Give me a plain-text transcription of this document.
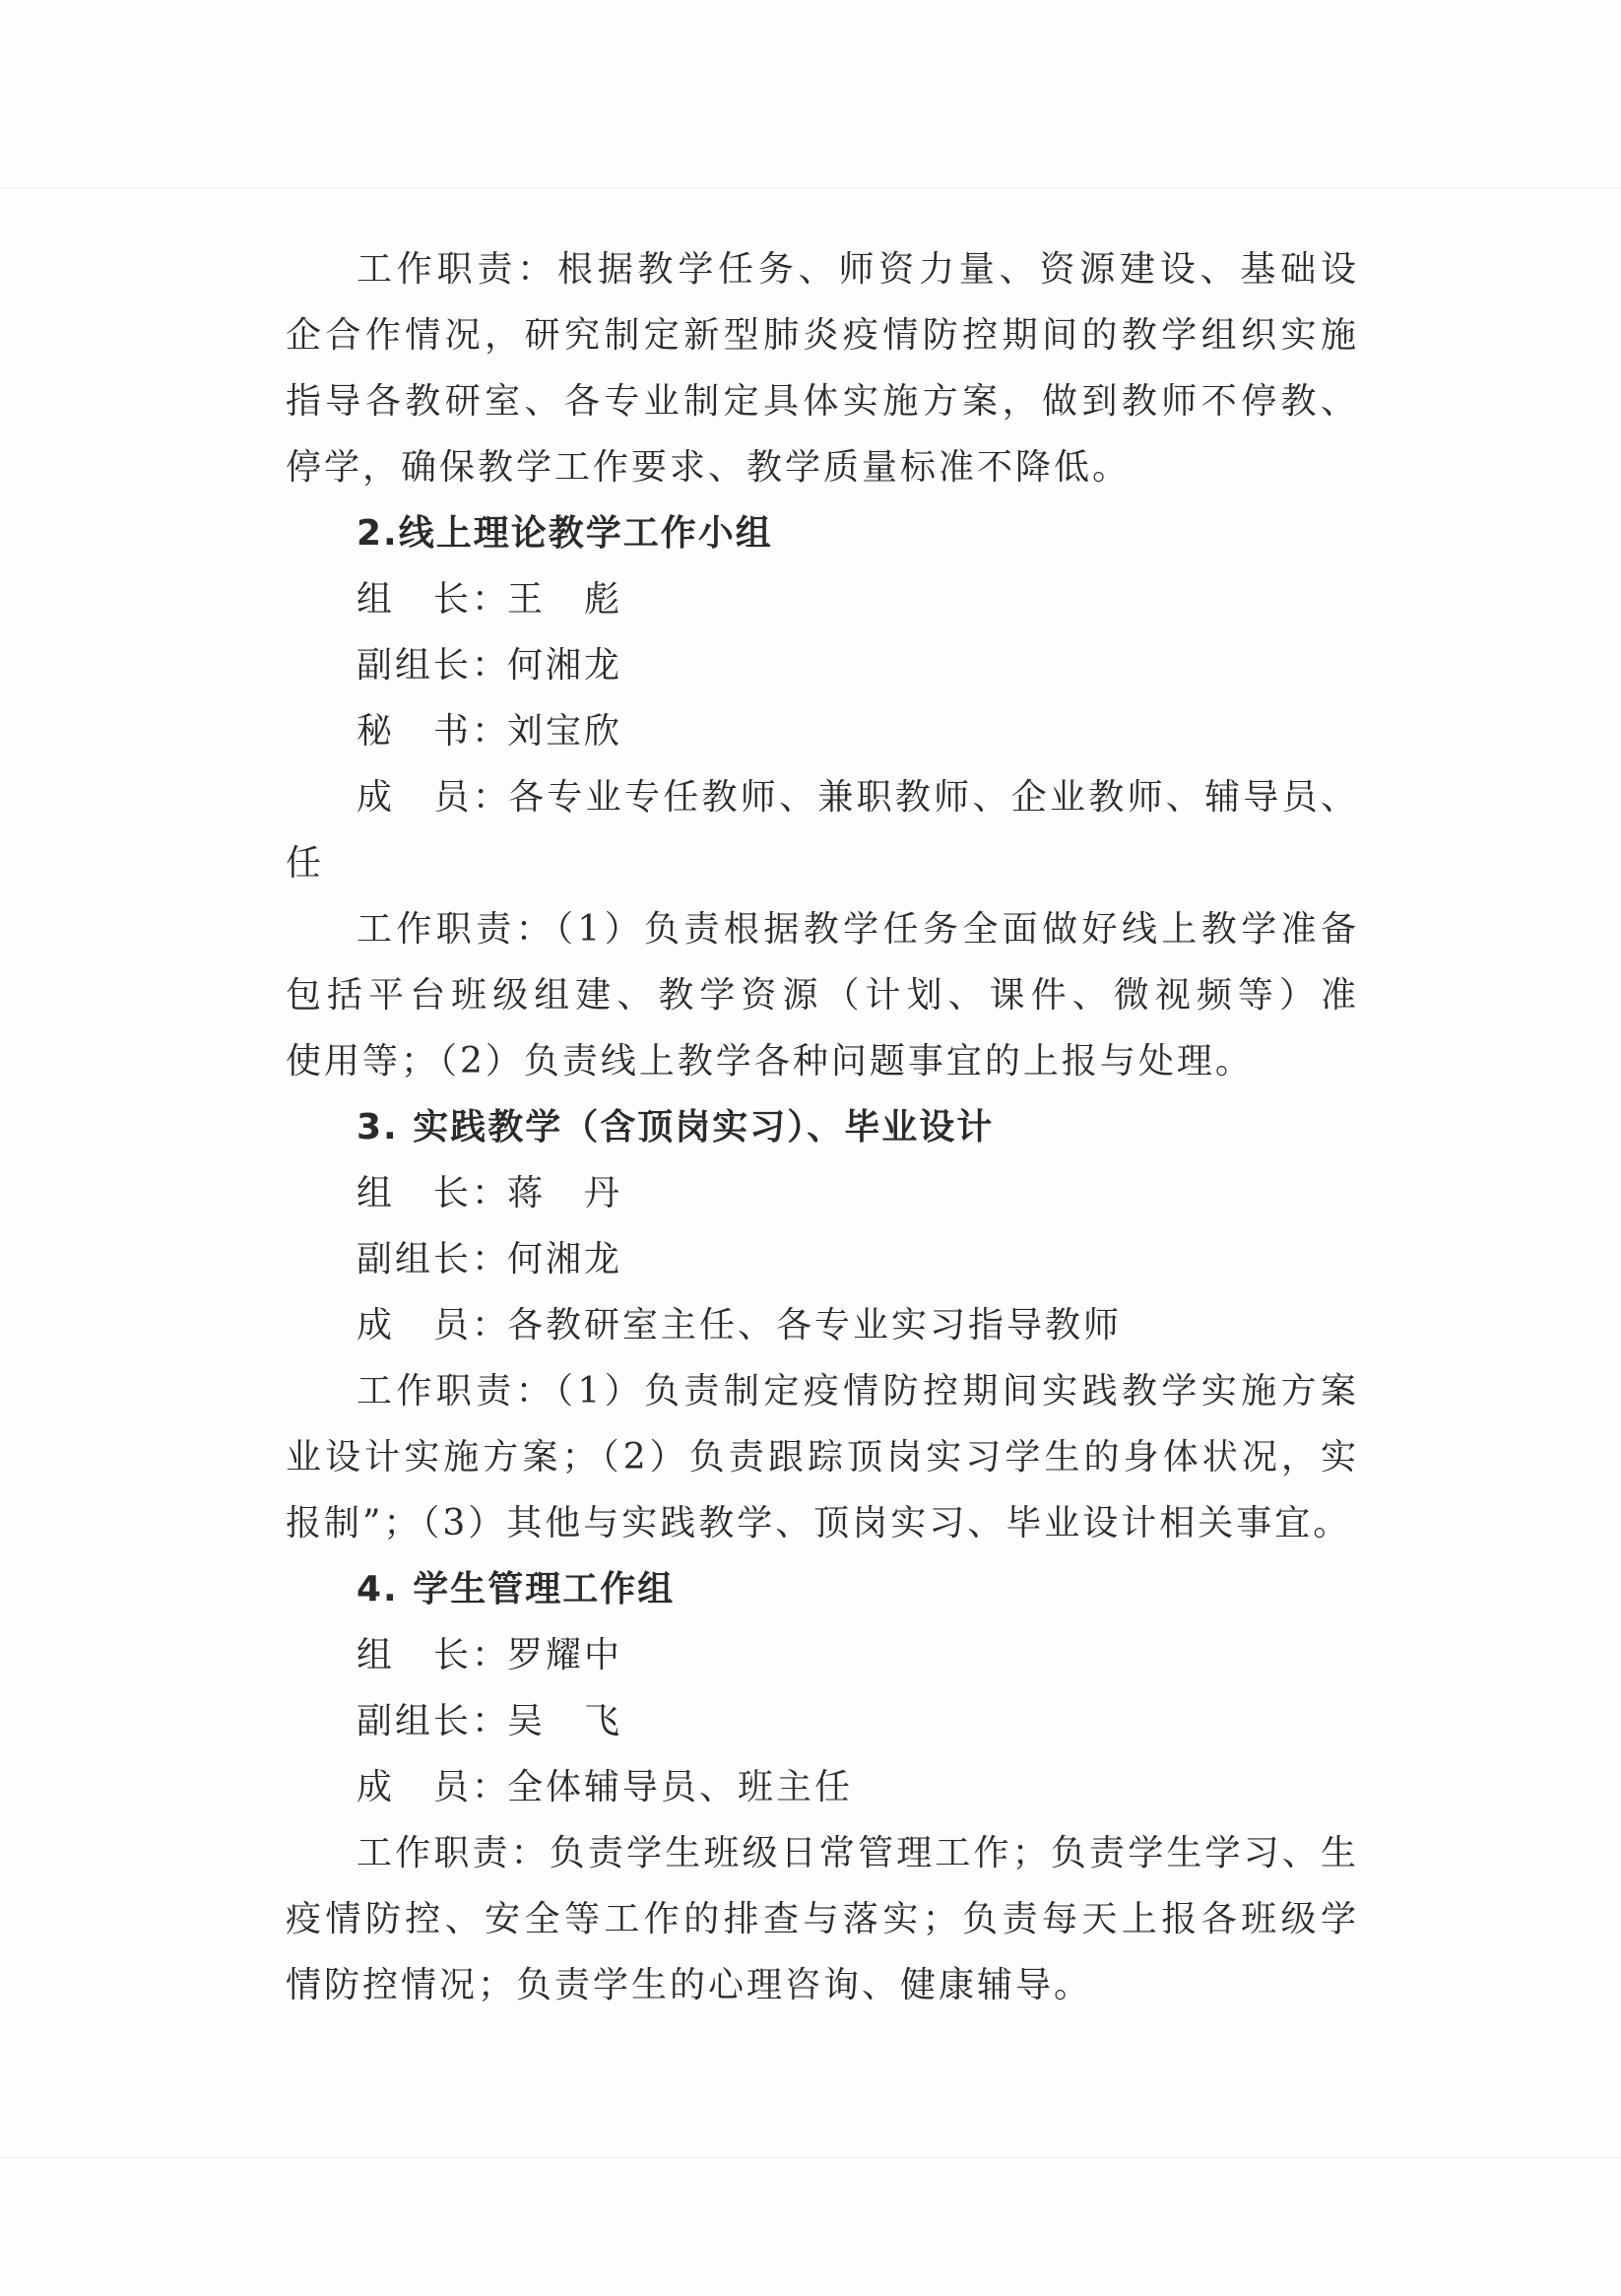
工作职责：根据教学任务、师资力量、资源建设、基础设
企合作情况，研究制定新型肺炎疫情防控期间的教学组织实施
指导各教研室、各专业制定具体实施方案，做到教师不停教、
停学，确保教学工作要求、教学质量标准不降低。
2.线上理论教学工作小组
组　长：王　彪
副组长：何湘龙
秘　书：刘宝欣
成　员：各专业专任教师、兼职教师、企业教师、辅导员、
任
工作职责：（1）负责根据教学任务全面做好线上教学准备
包括平台班级组建、教学资源（计划、课件、微视频等）准
使用等；（2）负责线上教学各种问题事宜的上报与处理。
3. 实践教学（含顶岗实习）、毕业设计
组　长：蒋　丹
副组长：何湘龙
成　员：各教研室主任、各专业实习指导教师
工作职责：（1）负责制定疫情防控期间实践教学实施方案
业设计实施方案；（2）负责跟踪顶岗实习学生的身体状况，实
报制”；（3）其他与实践教学、顶岗实习、毕业设计相关事宜。
4. 学生管理工作组
组　长：罗耀中
副组长：吴　飞
成　员：全体辅导员、班主任
工作职责：负责学生班级日常管理工作；负责学生学习、生
疫情防控、安全等工作的排查与落实；负责每天上报各班级学
情防控情况；负责学生的心理咨询、健康辅导。
